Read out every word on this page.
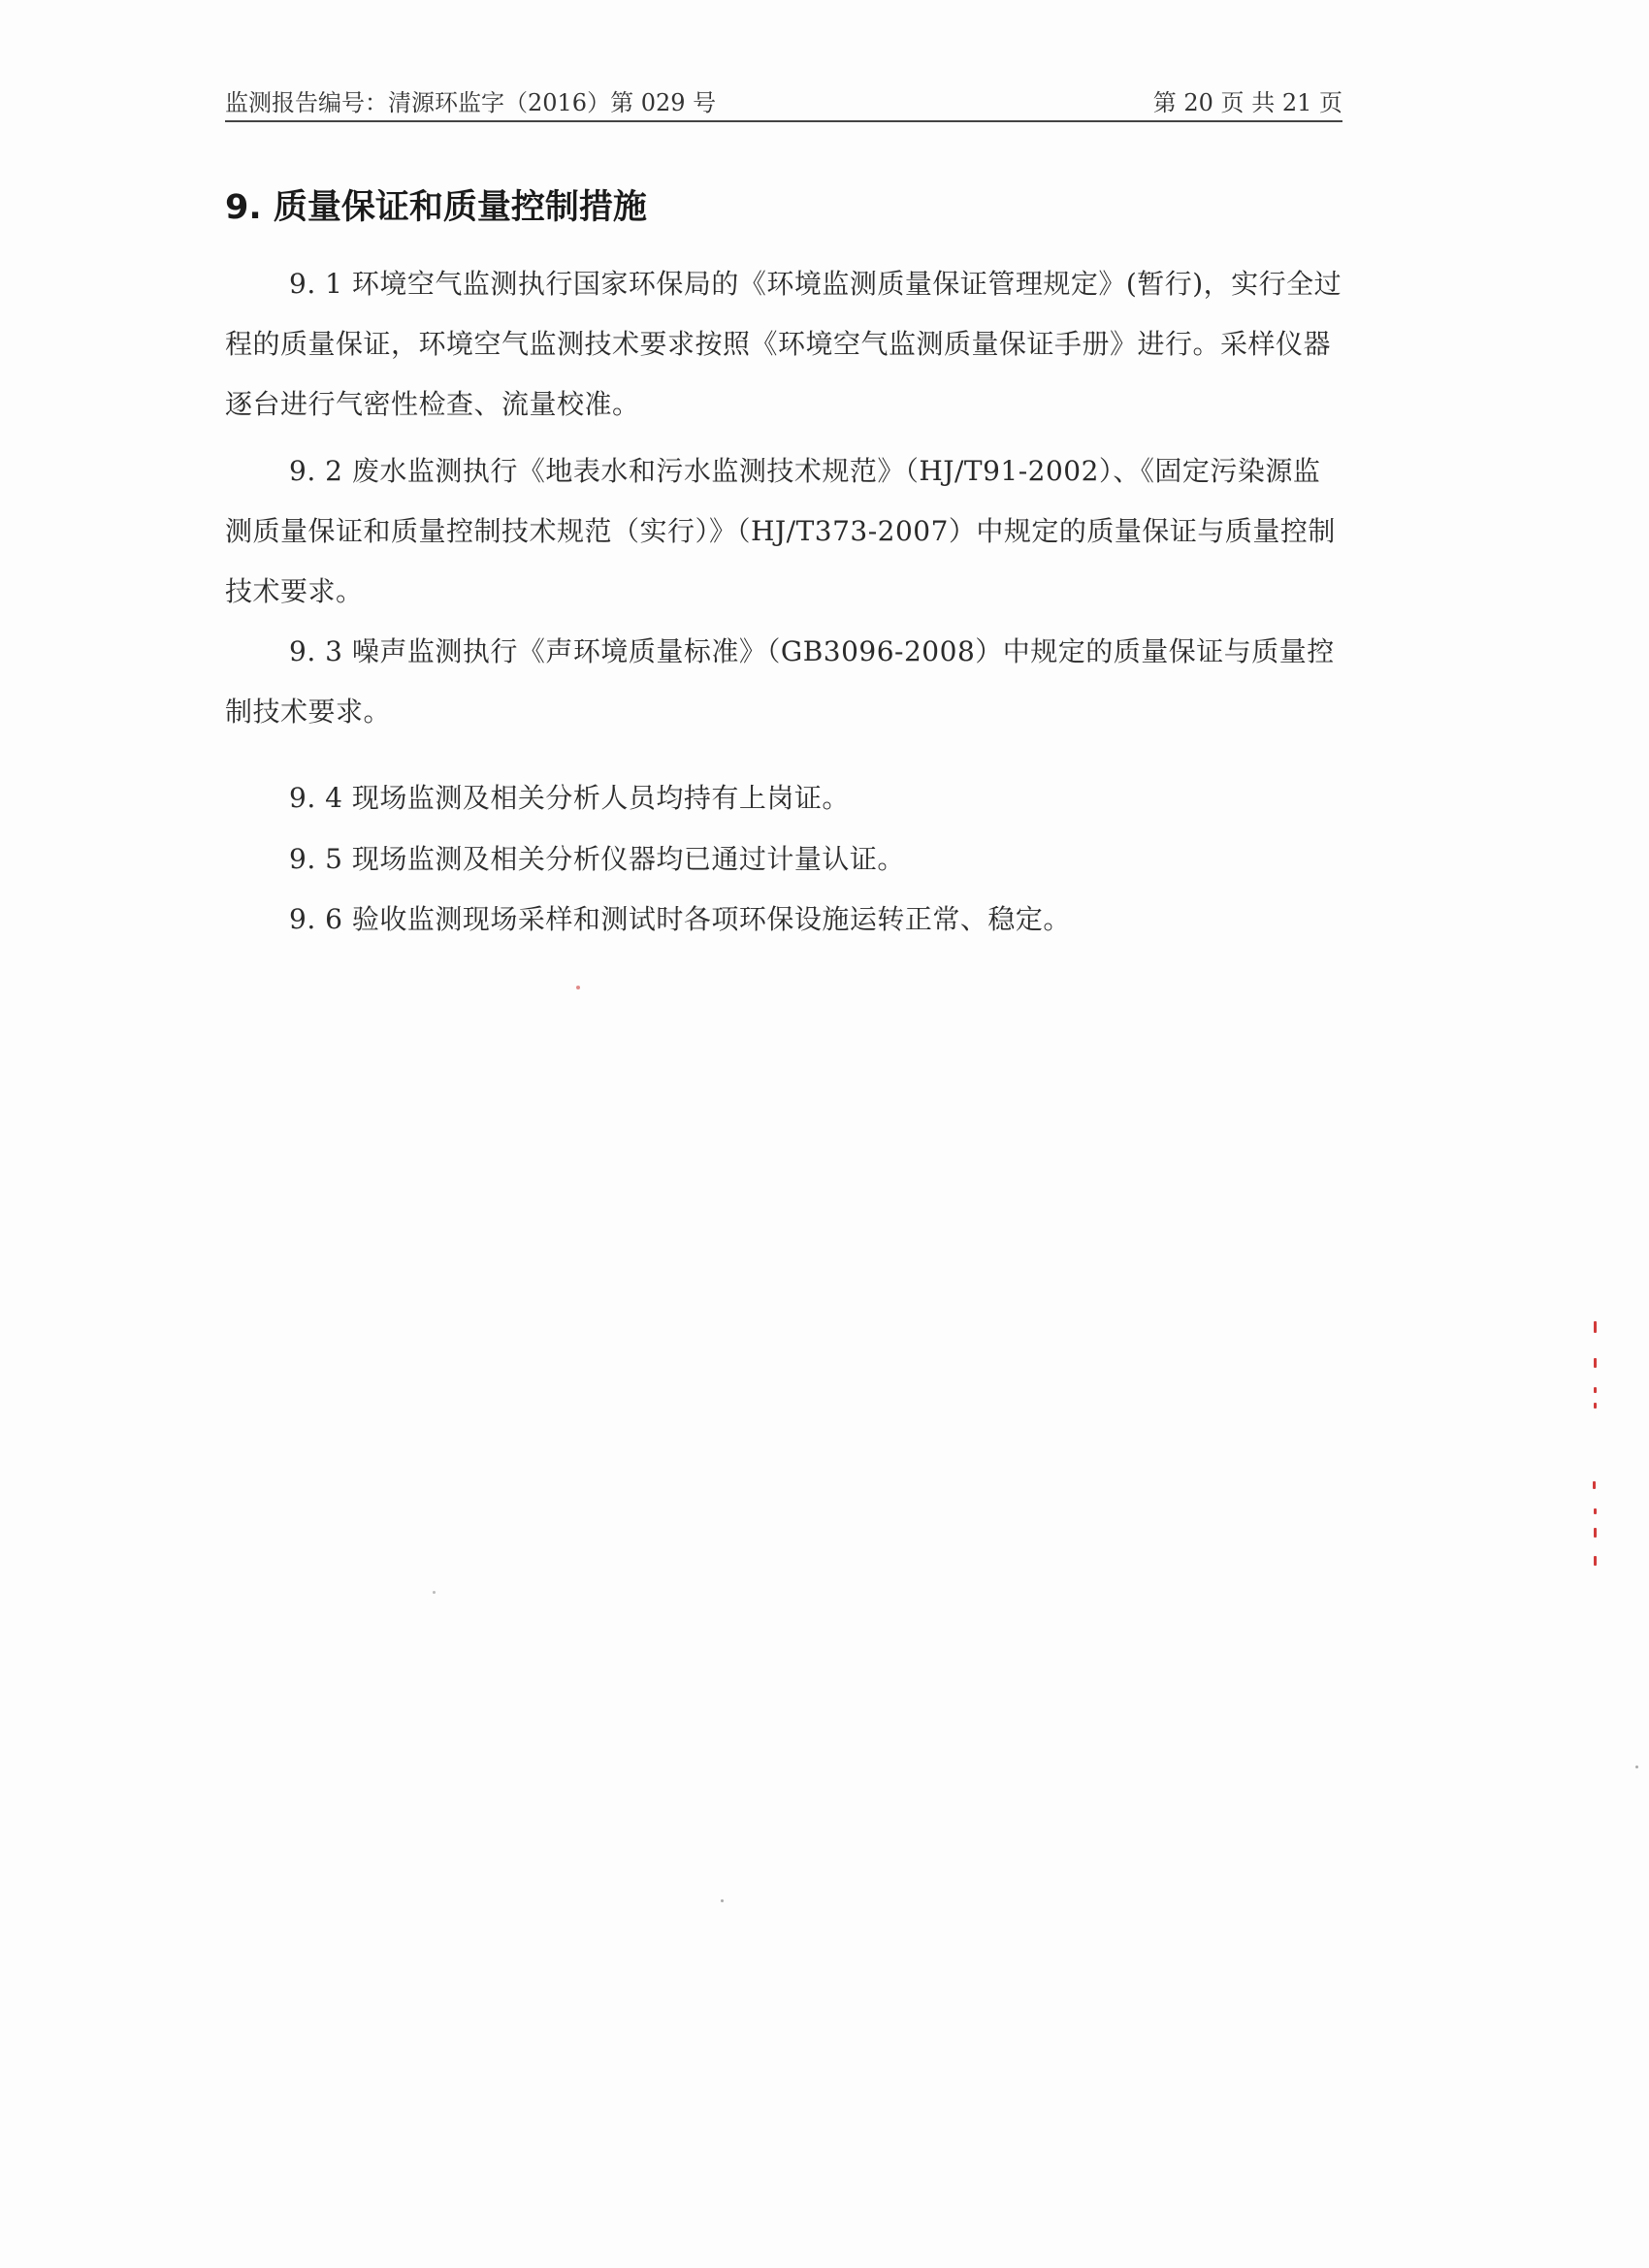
监测报告编号：清源环监字（2016）第 029 号	第 20 页 共 21 页
9. 质量保证和质量控制措施

9. 1 环境空气监测执行国家环保局的《环境监测质量保证管理规定》(暂行)，实行全过程的质量保证，环境空气监测技术要求按照《环境空气监测质量保证手册》进行。采样仪器逐台进行气密性检查、流量校准。

9. 2 废水监测执行《地表水和污水监测技术规范》（HJ/T91-2002）、《固定污染源监测质量保证和质量控制技术规范（实行）》（HJ/T373-2007）中规定的质量保证与质量控制技术要求。

9. 3 噪声监测执行《声环境质量标准》（GB3096-2008）中规定的质量保证与质量控制技术要求。

9. 4 现场监测及相关分析人员均持有上岗证。

9. 5 现场监测及相关分析仪器均已通过计量认证。

9. 6 验收监测现场采样和测试时各项环保设施运转正常、稳定。
